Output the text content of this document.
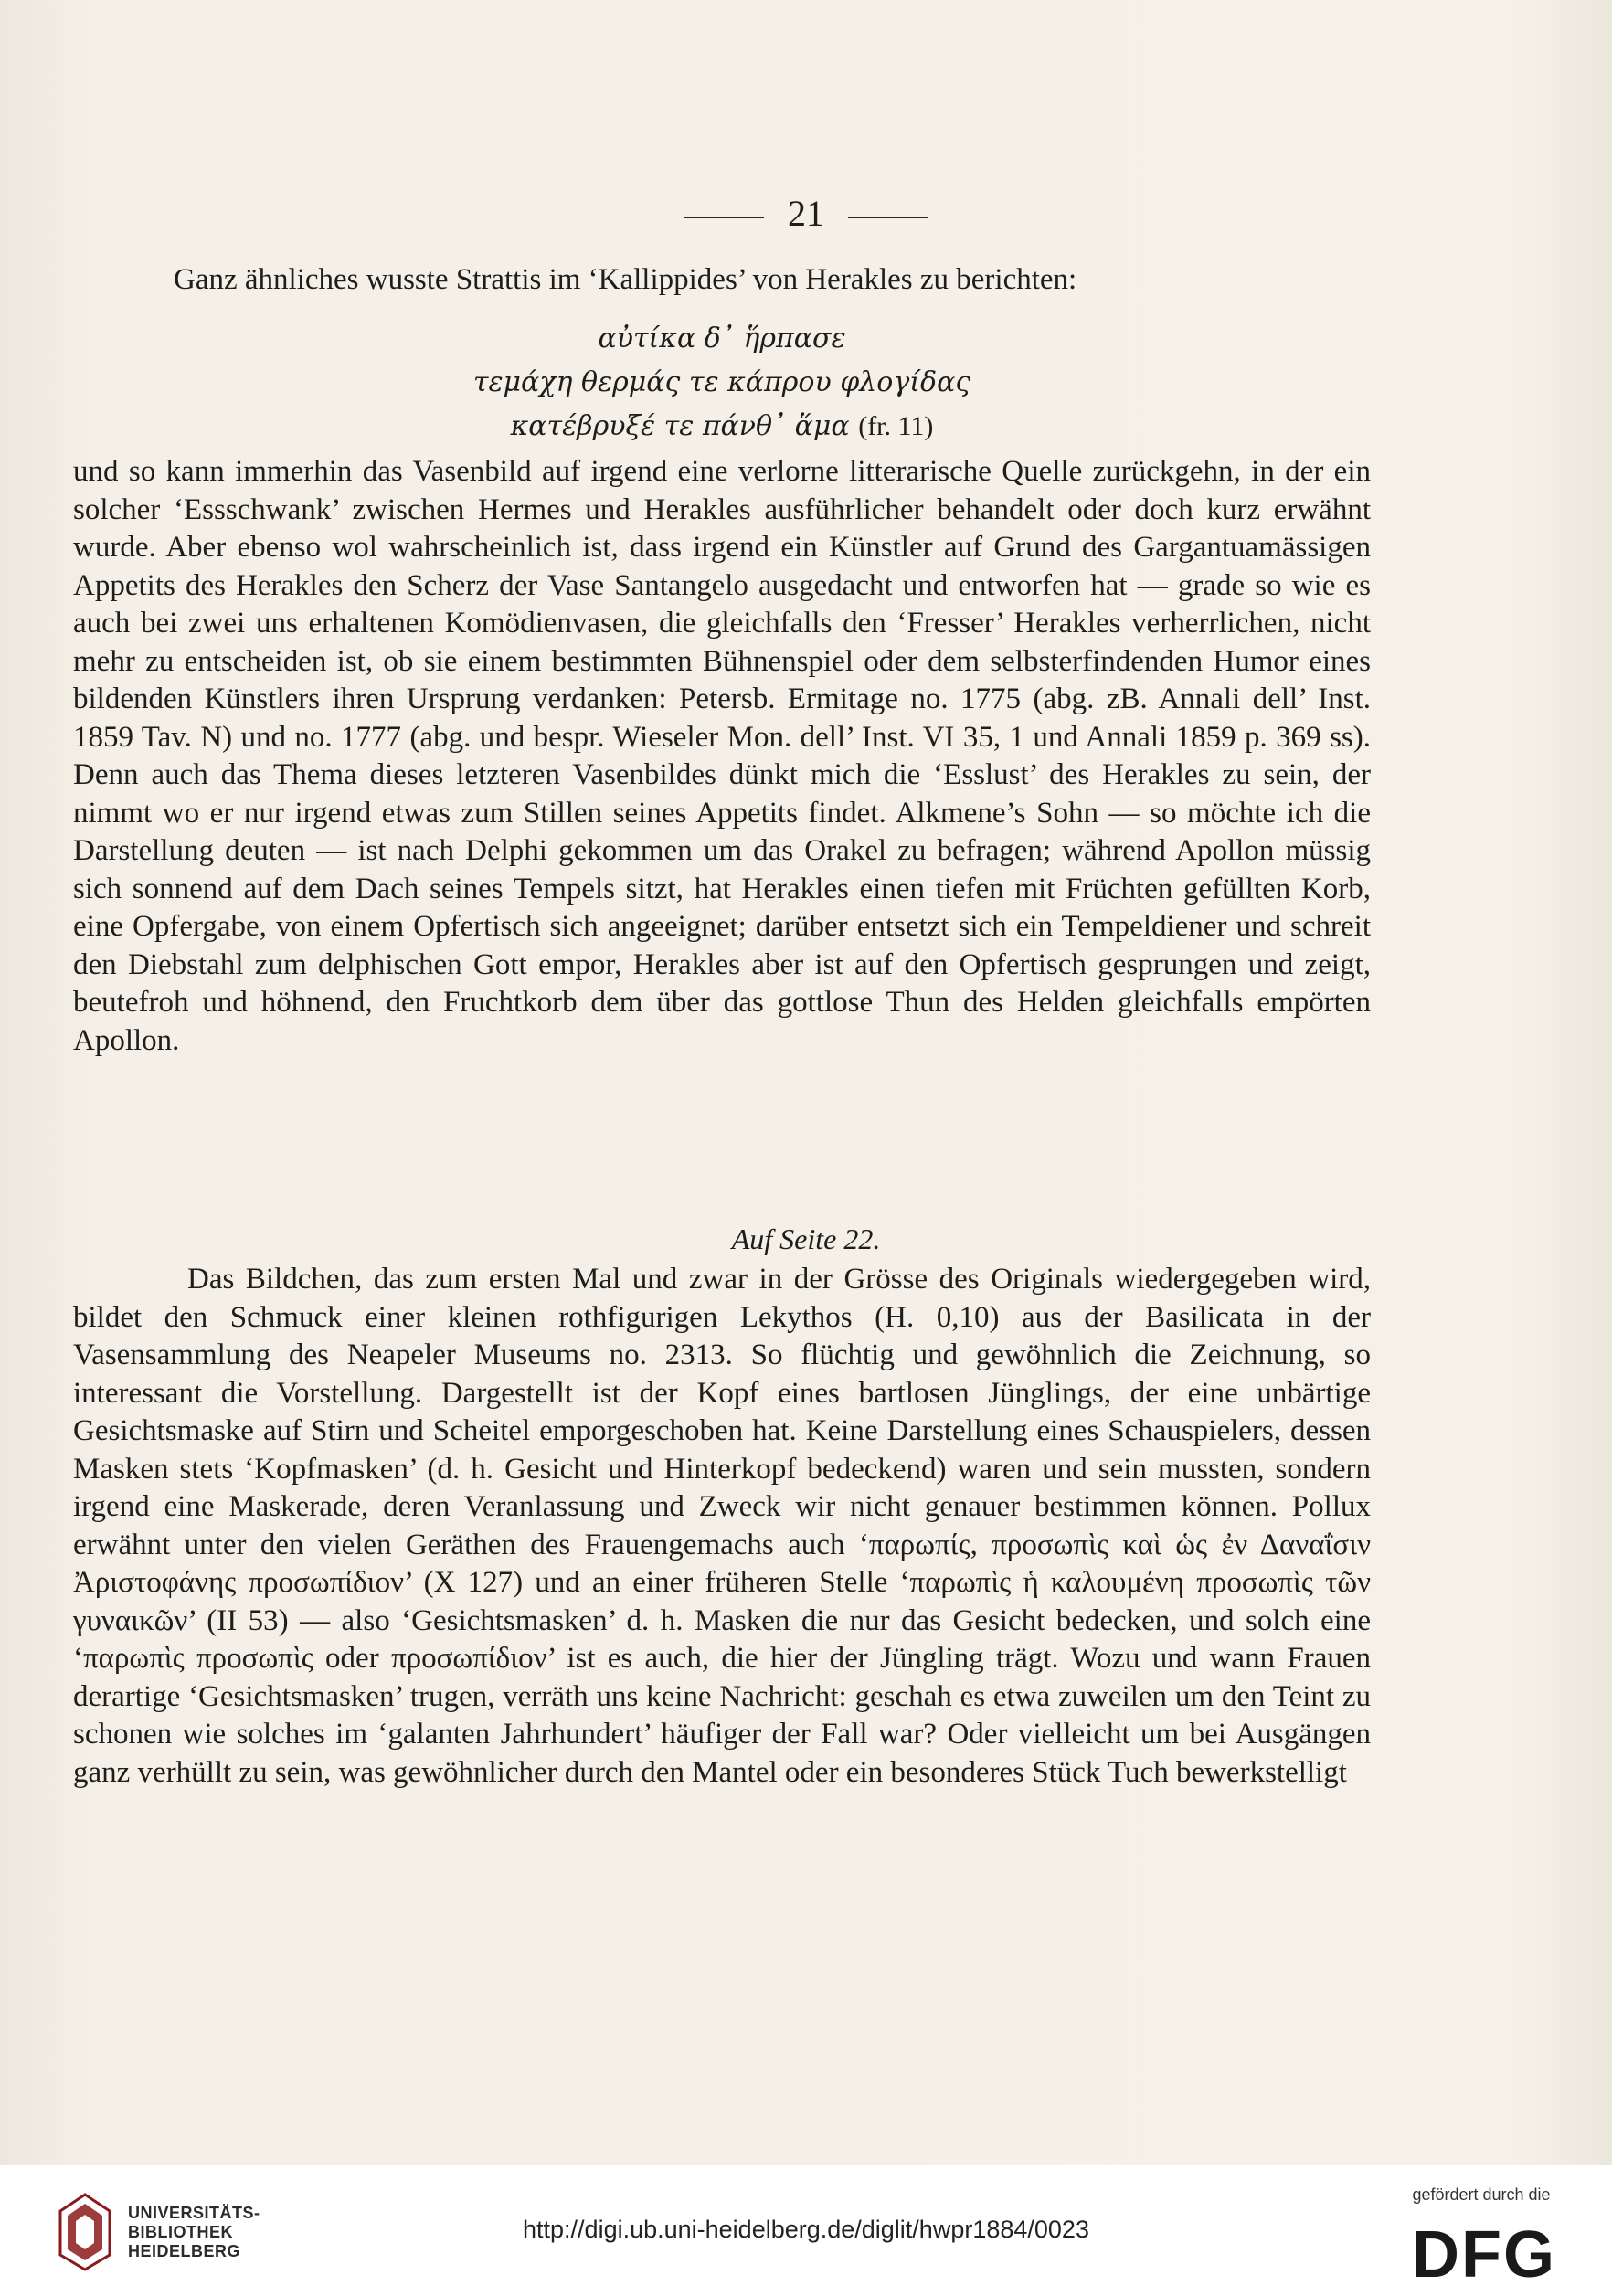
21
Ganz ähnliches wusste Strattis im ‘Kallippides’ von Herakles zu berichten:
αὐτίκα δ᾽ ἥρπασε
τεμάχη θερμάς τε κάπρου φλογίδας
κατέβρυξέ τε πάνθ᾽ ἅμα (fr. 11)
und so kann immerhin das Vasenbild auf irgend eine verlorne litterarische Quelle zurückgehn, in der ein solcher ‘Essschwank’ zwischen Hermes und Herakles ausführlicher behandelt oder doch kurz erwähnt wurde. Aber ebenso wol wahrscheinlich ist, dass irgend ein Künstler auf Grund des Gargantuamässigen Appetits des Herakles den Scherz der Vase Santangelo ausgedacht und entworfen hat — grade so wie es auch bei zwei uns erhaltenen Komödienvasen, die gleichfalls den ‘Fresser’ Herakles verherrlichen, nicht mehr zu entscheiden ist, ob sie einem bestimmten Bühnenspiel oder dem selbsterfindenden Humor eines bildenden Künstlers ihren Ursprung verdanken: Petersb. Ermitage no. 1775 (abg. zB. Annali dell’ Inst. 1859 Tav. N) und no. 1777 (abg. und bespr. Wieseler Mon. dell’ Inst. VI 35, 1 und Annali 1859 p. 369 ss). Denn auch das Thema dieses letzteren Vasenbildes dünkt mich die ‘Esslust’ des Herakles zu sein, der nimmt wo er nur irgend etwas zum Stillen seines Appetits findet. Alkmene’s Sohn — so möchte ich die Darstellung deuten — ist nach Delphi gekommen um das Orakel zu befragen; während Apollon müssig sich sonnend auf dem Dach seines Tempels sitzt, hat Herakles einen tiefen mit Früchten gefüllten Korb, eine Opfergabe, von einem Opfertisch sich angeeignet; darüber entsetzt sich ein Tempeldiener und schreit den Diebstahl zum delphischen Gott empor, Herakles aber ist auf den Opfertisch gesprungen und zeigt, beutefroh und höhnend, den Fruchtkorb dem über das gottlose Thun des Helden gleichfalls empörten Apollon.
Auf Seite 22.
Das Bildchen, das zum ersten Mal und zwar in der Grösse des Originals wiedergegeben wird, bildet den Schmuck einer kleinen rothfigurigen Lekythos (H. 0,10) aus der Basilicata in der Vasensammlung des Neapeler Museums no. 2313. So flüchtig und gewöhnlich die Zeichnung, so interessant die Vorstellung. Dargestellt ist der Kopf eines bartlosen Jünglings, der eine unbärtige Gesichtsmaske auf Stirn und Scheitel emporgeschoben hat. Keine Darstellung eines Schauspielers, dessen Masken stets ‘Kopfmasken’ (d. h. Gesicht und Hinterkopf bedeckend) waren und sein mussten, sondern irgend eine Maskerade, deren Veranlassung und Zweck wir nicht genauer bestimmen können. Pollux erwähnt unter den vielen Geräthen des Frauengemachs auch ‘παρωπίς, προσωπὶς καὶ ὡς ἐν Δαναΐσιν Ἀριστοφάνης προσωπίδιον’ (X 127) und an einer früheren Stelle ‘παρωπὶς ἡ καλουμένη προσωπὶς τῶν γυναικῶν’ (II 53) — also ‘Gesichtsmasken’ d. h. Masken die nur das Gesicht bedecken, und solch eine ‘παρωπὶς προσωπὶς oder προσωπίδιον’ ist es auch, die hier der Jüngling trägt. Wozu und wann Frauen derartige ‘Gesichtsmasken’ trugen, verräth uns keine Nachricht: geschah es etwa zuweilen um den Teint zu schonen wie solches im ‘galanten Jahrhundert’ häufiger der Fall war? Oder vielleicht um bei Ausgängen ganz verhüllt zu sein, was gewöhnlicher durch den Mantel oder ein besonderes Stück Tuch bewerkstelligt
UNIVERSITÄTS-
BIBLIOTHEK
HEIDELBERG
http://digi.ub.uni-heidelberg.de/diglit/hwpr1884/0023
gefördert durch die
DFG
